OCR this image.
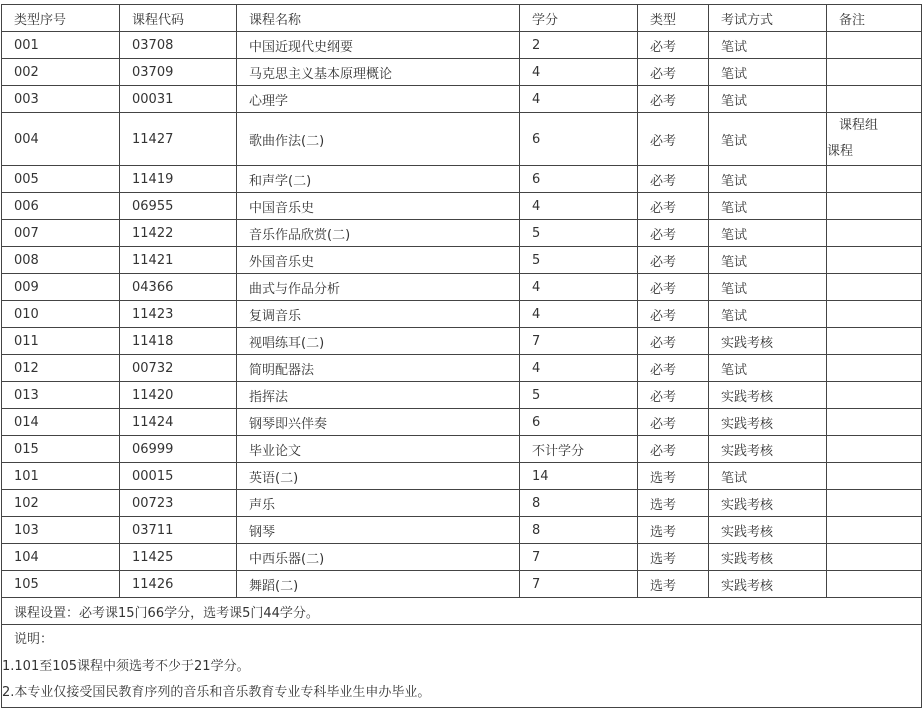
类型序号	课程代码	课程名称	学分	类型	考试方式	备注
001	03708	中国近现代史纲要	2	必考	笔试	
002	03709	马克思主义基本原理概论	4	必考	笔试	
003	00031	心理学	4	必考	笔试	
004	11427	歌曲作法(二)	6	必考	笔试	课程组
课程

005	11419	和声学(二)	6	必考	笔试	
006	06955	中国音乐史	4	必考	笔试	
007	11422	音乐作品欣赏(二)	5	必考	笔试	
008	11421	外国音乐史	5	必考	笔试	
009	04366	曲式与作品分析	4	必考	笔试	
010	11423	复调音乐	4	必考	笔试	
011	11418	视唱练耳(二)	7	必考	实践考核	
012	00732	简明配器法	4	必考	笔试	
013	11420	指挥法	5	必考	实践考核	
014	11424	钢琴即兴伴奏	6	必考	实践考核	
015	06999	毕业论文	不计学分	必考	实践考核	
101	00015	英语(二)	14	选考	笔试	
102	00723	声乐	8	选考	实践考核	
103	03711	钢琴	8	选考	实践考核	
104	11425	中西乐器(二)	7	选考	实践考核	
105	11426	舞蹈(二)	7	选考	实践考核	
课程设置：必考课15门66学分，选考课5门44学分。						

说明：
1.101至105课程中须选考不少于21学分。
2.本专业仅接受国民教育序列的音乐和音乐教育专业专科毕业生申办毕业。						
